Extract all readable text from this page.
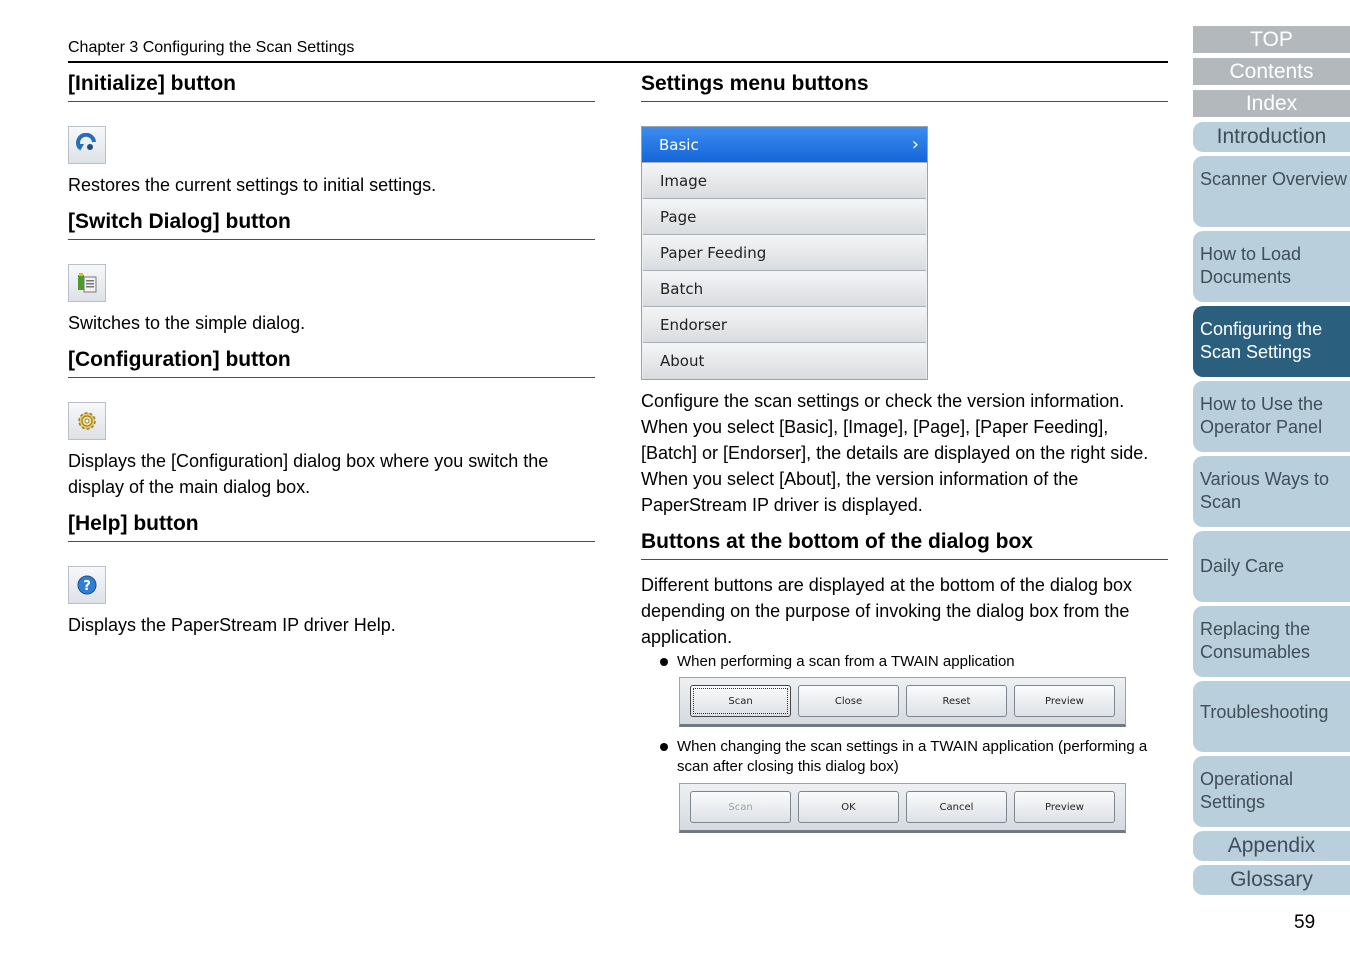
Chapter 3 Configuring the Scan Settings
[Initialize] button

Restores the current settings to initial settings.

[Switch Dialog] button

Switches to the simple dialog.

[Configuration] button

Displays the [Configuration] dialog box where you switch the display of the main dialog box.

[Help] button
?

Displays the PaperStream IP driver Help.

Settings menu buttons
Basic	›
Image
Page
Paper Feeding
Batch
Endorser
About

Configure the scan settings or check the version information. When you select [Basic], [Image], [Page], [Paper Feeding], [Batch] or [Endorser], the details are displayed on the right side.

When you select [About], the version information of the PaperStream IP driver is displayed.

Buttons at the bottom of the dialog box

Different buttons are displayed at the bottom of the dialog box depending on the purpose of invoking the dialog box from the application.

When performing a scan from a TWAIN application
Scan	Close	Reset	Preview
When changing the scan settings in a TWAIN application (performing a scan after closing this dialog box)
Scan	OK	Cancel	Preview
TOP
Contents
Index
Introduction
Scanner Overview
How to Load Documents
Configuring the Scan Settings
How to Use the Operator Panel
Various Ways to Scan
Daily Care
Replacing the Consumables
Troubleshooting
Operational Settings
Appendix
Glossary
59
